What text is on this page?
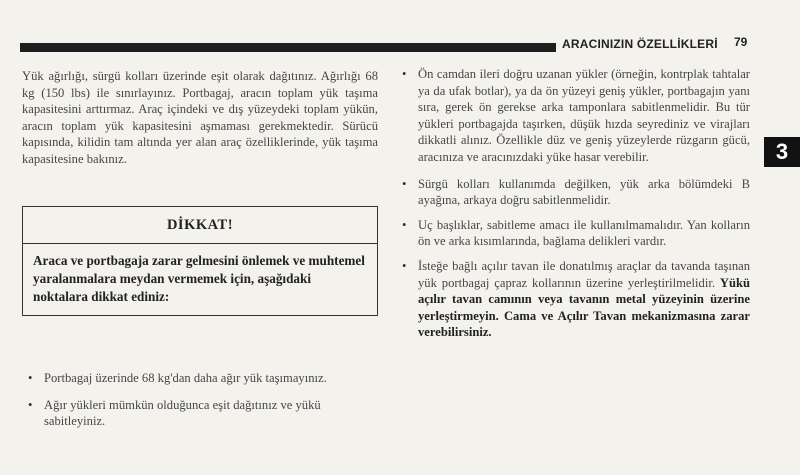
ARACINIZIN ÖZELLİKLERİ 79
3

Yük ağırlığı, sürgü kolları üzerinde eşit olarak dağıtınız. Ağırlığı 68 kg (150 lbs) ile sınırlayınız. Portbagaj, aracın toplam yük taşıma kapasitesini arttırmaz. Araç içindeki ve dış yüzeydeki toplam yükün, aracın toplam yük kapasitesini aşmaması gerekmektedir. Sürücü kapısında, kilidin tam altında yer alan araç özelliklerinde, yük taşıma kapasitesine bakınız.

DİKKAT!
Araca ve portbagaja zarar gelmesini önlemek ve muhtemel yaralanmalara meydan vermemek için, aşağıdaki noktalara dikkat ediniz:
• Portbagaj üzerinde 68 kg'dan daha ağır yük taşımayınız.
• Ağır yükleri mümkün olduğunca eşit dağıtınız ve yükü sabitleyiniz.
• Ön camdan ileri doğru uzanan yükler (örneğin, kontrplak tahtalar ya da ufak botlar), ya da ön yüzeyi geniş yükler, portbagajın yanı sıra, gerek ön gerekse arka tamponlara sabitlenmelidir. Bu tür yükleri portbagajda taşırken, düşük hızda seyrediniz ve virajları dikkatli alınız. Özellikle düz ve geniş yüzeylerde rüzgarın gücü, aracınıza ve aracınızdaki yüke hasar verebilir.
• Sürgü kolları kullanımda değilken, yük arka bölümdeki B ayağına, arkaya doğru sabitlenmelidir.
• Uç başlıklar, sabitleme amacı ile kullanılmamalıdır. Yan kolların ön ve arka kısımlarında, bağlama delikleri vardır.
• İsteğe bağlı açılır tavan ile donatılmış araçlar da tavanda taşınan yük portbagaj çapraz kollarının üzerine yerleştirilmelidir. Yükü açılır tavan camının veya tavanın metal yüzeyinin üzerine yerleştirmeyin. Cama ve Açılır Tavan mekanizmasına zarar verebilirsiniz.
